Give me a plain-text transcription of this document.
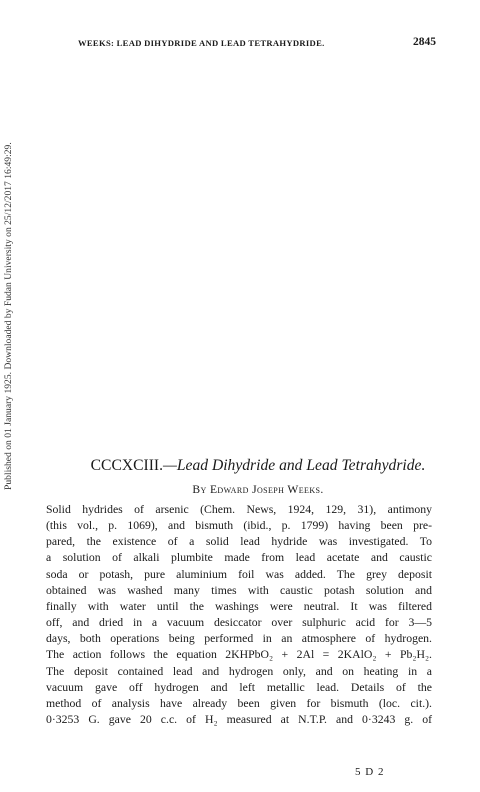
WEEKS: LEAD DIHYDRIDE AND LEAD TETRAHYDRIDE.	2845
Published on 01 January 1925. Downloaded by Fudan University on 25/12/2017 16:49:29.	CCCXCIII.—Lead Dihydride and Lead Tetrahydride.
By Edward Joseph Weeks.
Solid hydrides of arsenic (Chem. News, 1924, 129, 31), antimony
(this vol., p. 1069), and bismuth (ibid., p. 1799) having been pre-
pared, the existence of a solid lead hydride was investigated. To
a solution of alkali plumbite made from lead acetate and caustic
soda or potash, pure aluminium foil was added. The grey deposit
obtained was washed many times with caustic potash solution and
finally with water until the washings were neutral. It was filtered
off, and dried in a vacuum desiccator over sulphuric acid for 3—5
days, both operations being performed in an atmosphere of hydrogen.
The action follows the equation 2KHPbO₂ + 2Al = 2KAlO₂ + Pb₂H₂.
The deposit contained lead and hydrogen only, and on heating in a
vacuum gave off hydrogen and left metallic lead. Details of the
method of analysis have already been given for bismuth (loc. cit.).
0·3253 G. gave 20 c.c. of H₂ measured at N.T.P. and 0·3243 g. of
5 D 2
